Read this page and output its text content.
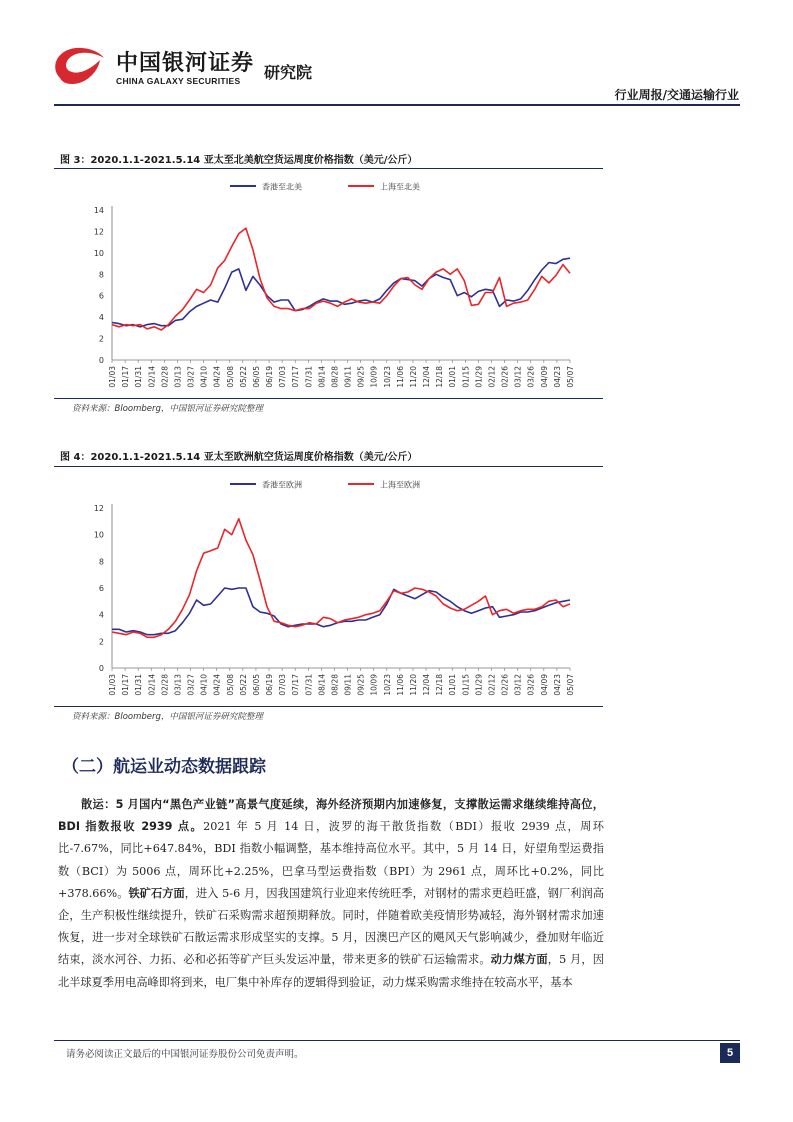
中国银河证券
CHINA GALAXY SECURITIES 研究院
行业周报/交通运输行业
图 3：2020.1.1-2021.5.14 亚太至北美航空货运周度价格指数（美元/公斤）
香港至北美	上海至北美
0
2
4
6
8
10
12
14
01/03 01/17 01/31 02/14 02/28 03/13 03/27 04/10 04/24 05/08 05/22 06/05 06/19 07/03 07/17 07/31 08/14 08/28 09/11 09/25 10/09 10/23 11/06 11/20 12/04 12/18 01/01 01/15 01/29 02/12 02/26 03/12 03/26 04/09 04/23 05/07
资料来源：Bloomberg，中国银河证券研究院整理
图 4：2020.1.1-2021.5.14 亚太至欧洲航空货运周度价格指数（美元/公斤）
香港至欧洲	上海至欧洲
0
2
4
6
8
10
12
01/03 01/17 01/31 02/14 02/28 03/13 03/27 04/10 04/24 05/08 05/22 06/05 06/19 07/03 07/17 07/31 08/14 08/28 09/11 09/25 10/09 10/23 11/06 11/20 12/04 12/18 01/01 01/15 01/29 02/12 02/26 03/12 03/26 04/09 04/23 05/07
资料来源：Bloomberg，中国银河证券研究院整理
（二）航运业动态数据跟踪
散运：5 月国内“黑色产业链”高景气度延续，海外经济预期内加速修复，支撑散运需求继续维持高位，BDI 指数报收 2939 点。2021 年 5 月 14 日，波罗的海干散货指数（BDI）报收 2939 点，周环比-7.67%，同比+647.84%，BDI 指数小幅调整，基本维持高位水平。其中，5 月 14 日，好望角型运费指数（BCI）为 5006 点，周环比+2.25%，巴拿马型运费指数（BPI）为 2961 点，周环比+0.2%，同比+378.66%。铁矿石方面，进入 5-6 月，因我国建筑行业迎来传统旺季，对钢材的需求更趋旺盛，钢厂利润高企，生产积极性继续提升，铁矿石采购需求超预期释放。同时，伴随着欧美疫情形势减轻，海外钢材需求加速恢复，进一步对全球铁矿石散运需求形成坚实的支撑。5 月，因澳巴产区的飓风天气影响减少，叠加财年临近结束，淡水河谷、力拓、必和必拓等矿产巨头发运冲量，带来更多的铁矿石运输需求。动力煤方面，5 月，因北半球夏季用电高峰即将到来，电厂集中补库存的逻辑得到验证，动力煤采购需求维持在较高水平，基本
请务必阅读正文最后的中国银河证券股份公司免责声明。	5
